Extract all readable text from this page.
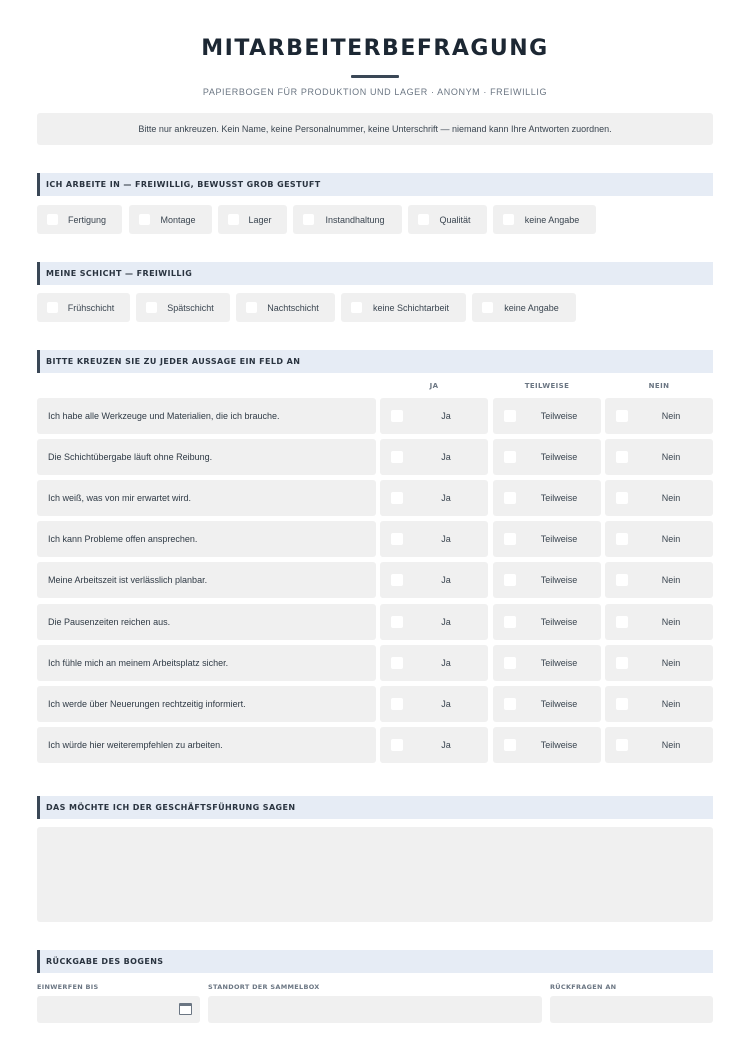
MITARBEITERBEFRAGUNG
PAPIERBOGEN FÜR PRODUKTION UND LAGER · ANONYM · FREIWILLIG
Bitte nur ankreuzen. Kein Name, keine Personalnummer, keine Unterschrift — niemand kann Ihre Antworten zuordnen.
ICH ARBEITE IN — FREIWILLIG, BEWUSST GROB GESTUFT
Fertigung	Montage	Lager	Instandhaltung	Qualität	keine Angabe
MEINE SCHICHT — FREIWILLIG
Frühschicht	Spätschicht	Nachtschicht	keine Schichtarbeit	keine Angabe
BITTE KREUZEN SIE ZU JEDER AUSSAGE EIN FELD AN
JA	TEILWEISE	NEIN
Ich habe alle Werkzeuge und Materialien, die ich brauche.	Ja	Teilweise	Nein
Die Schichtübergabe läuft ohne Reibung.	Ja	Teilweise	Nein
Ich weiß, was von mir erwartet wird.	Ja	Teilweise	Nein
Ich kann Probleme offen ansprechen.	Ja	Teilweise	Nein
Meine Arbeitszeit ist verlässlich planbar.	Ja	Teilweise	Nein
Die Pausenzeiten reichen aus.	Ja	Teilweise	Nein
Ich fühle mich an meinem Arbeitsplatz sicher.	Ja	Teilweise	Nein
Ich werde über Neuerungen rechtzeitig informiert.	Ja	Teilweise	Nein
Ich würde hier weiterempfehlen zu arbeiten.	Ja	Teilweise	Nein
DAS MÖCHTE ICH DER GESCHÄFTSFÜHRUNG SAGEN
RÜCKGABE DES BOGENS
EINWERFEN BIS	STANDORT DER SAMMELBOX	RÜCKFRAGEN AN
